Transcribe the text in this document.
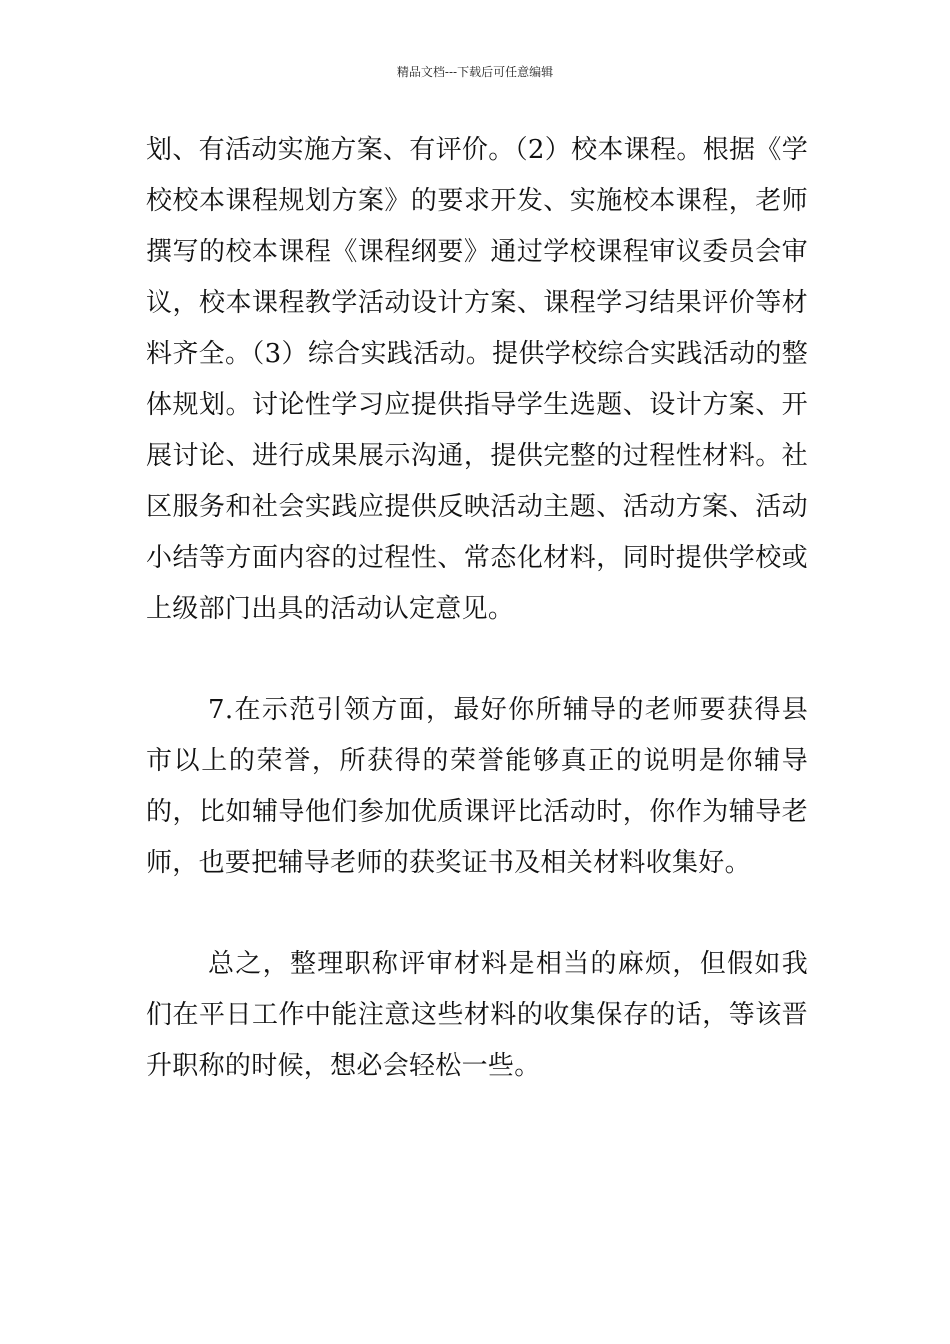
精品文档---下载后可任意编辑

划、有活动实施方案、有评价。（2）校本课程。根据《学校校本课程规划方案》的要求开发、实施校本课程，老师撰写的校本课程《课程纲要》通过学校课程审议委员会审议，校本课程教学活动设计方案、课程学习结果评价等材料齐全。（3）综合实践活动。提供学校综合实践活动的整体规划。讨论性学习应提供指导学生选题、设计方案、开展讨论、进行成果展示沟通，提供完整的过程性材料。社区服务和社会实践应提供反映活动主题、活动方案、活动小结等方面内容的过程性、常态化材料，同时提供学校或上级部门出具的活动认定意见。

7.在示范引领方面，最好你所辅导的老师要获得县市以上的荣誉，所获得的荣誉能够真正的说明是你辅导的，比如辅导他们参加优质课评比活动时，你作为辅导老师，也要把辅导老师的获奖证书及相关材料收集好。

总之，整理职称评审材料是相当的麻烦，但假如我们在平日工作中能注意这些材料的收集保存的话，等该晋升职称的时候，想必会轻松一些。
